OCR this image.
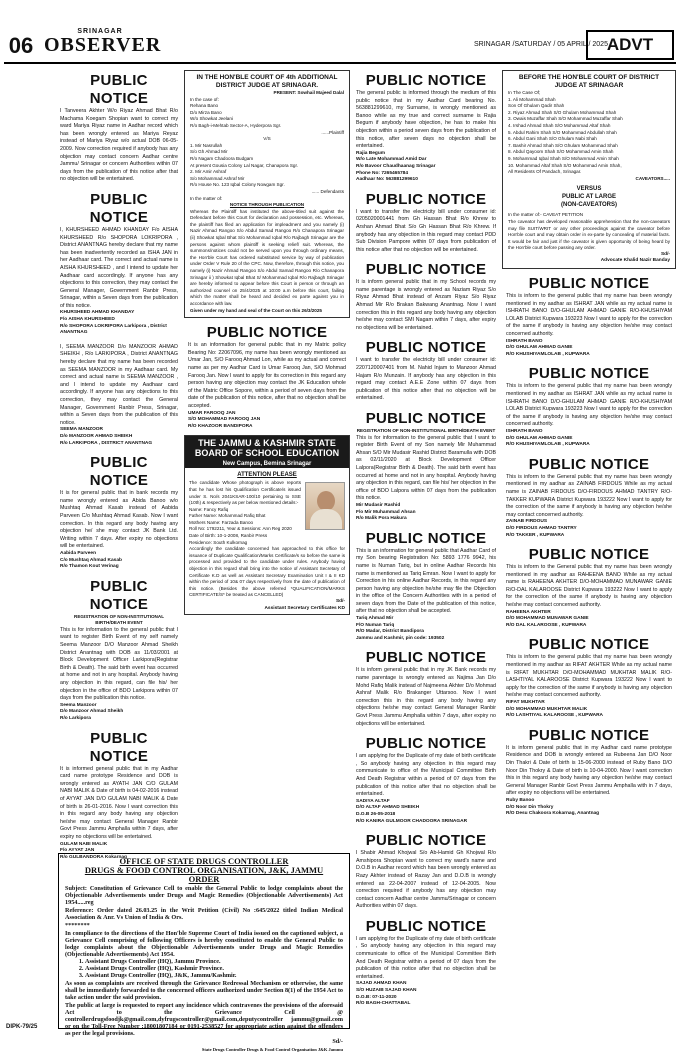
06
SRINAGAR
OBSERVER	SRINAGAR /SATURDAY / 05 APRIL / 2025
ADVT
PUBLIC NOTICE
I Tanveera Akhter W/o Riyaz Ahmad Bhat R/o Machama Koegam Shopian want to correct my ward Mariya Riyaz name in Aadhar record which has been wrongly entered as Mariya Reyaz instead of Mariya Riyaz w/o actual DOB 06-05-2009. Now correction required if anybody has any objection may contact concern Aadhar centre Jammu/ Srinagar or concern Authorities within 07 days from the publication of this notice after that no objection will be entertained.
PUBLIC NOTICE
I, KHURSHEED AHMAD KHANDAY F/o AISHA KHURSHEED R/o SHOPORA LOKRIPORA , District ANANTNAG hereby declare that my name has been inadvertently recorded as ISHA JAN in her Aadhaar card. The correct and actual name is AISHA KHURSHEED , and I intend to update her Aadhaar card accordingly. If anyone has any objections to this correction, they may contact the General Manager, Government Ranbir Press, Srinagar, within a Seven days from the publication of this notice.
KHURSHEED AHMAD KHANDAY
F/o AISHA KHURSHEED
R/o SHOPORA LOKRIPORA Larkipora , District ANANTNAG
I, SEEMA MANZOOR D/o MANZOOR AHMAD SHEIKH , R/o LARKIPORA , District ANANTNAG hereby declare that my name has been recorded as SEEMA MANZOOR in my Aadhaar card. My correct and actual name is SEEMA MANZOOR , and I intend to update my Aadhaar card accordingly. If anyone has any objections to this correction, they may contact the General Manager, Government Ranbir Press, Srinagar, within a Seven days from the publication of this notice.
SEEMA MANZOOR
D/o MANZOOR AHMAD SHEIKH
R/o LARKIPORA , DISTRICT ANANTNAG
PUBLIC NOTICE
It is for general public that in bank records my name wrongly entered as Abida Banoo w/o Mushtaq Ahmad Kasab instead of Aabida Parveen C/o Mushtaq Ahmad Kasab. Now I want correction. In this regard any body having any objection he/ she may contact JK Bank Ltd. Writing within 7 days. After expiry no objections will be entertained.
Aabida Parveen
C/o Mushtaq Ahmad Kasab
R/o Thamon Kout Verinag
PUBLIC NOTICE
REGISTRATION OF NON-INSTITUTIONAL BIRTH/DEATH EVENT
This is for information to the general public that I want to register Birth Event of my self namely Seema Manzoor D/O Manzoor Ahmad Sheikh District Anantnag with DOB as 11/03/2001 at Block Development Officer Larkipora(Registrar Birth & Death). The said birth event has occurred at home and not in any hospital. Anybody having any objection in this regard, can file his/ her objection in the office of BDO Larkipora within 07 days from the publication this notice.
Seema Manzoor
D/o Manzoor Ahmad Sheikh
R/o Larkipora
PUBLIC NOTICE
It is informed general public that in my Aadhar card name prototype Residence and DOB is wrongly entered as AYATH JAN C/O GULAM NABI MALIK & Date of birth is 04-02-2016 instead of AYYAT JAN D/O GULAM NABI MALIK & Date of birth is 26-01-2016. Now I want correction this in this regard any body having any objection he/she may contact General Manager Ranbir Govt Press Jammu Amphalla within 7 days, after expiry no objections will be entertained.
GULAM NABI MALIK
F/o AYYAT JAN
R/o GULBANDORA Kokarnag
IN THE HON'BLE COURT OF 4th ADDITIONAL DISTRICT JUDGE AT SRINAGAR.
PRESENT: Sowhail Majeed Dalal
In the case of:
Rehana Bano
D/o Mirza Bano
W/o Showkat Jeelani
R/o Bagh-i-Mehtab Sector-A, Hyderpora Sgr.
......Plaintiff
V/S
1. Mir Nasrullah
S/o Gh Ahmad Mir
R/o Nagam Chadoora Budgam
At present Gousia Colony Lal Nagar, Chanapora Sgr.
2. Mir Amir Ashraf
S/o Mohammad Ashraf Mir
R/o House No. 123 Iqbal Colony Nowgam Sgr.
...... Defendants
In the matter of:
NOTICE THROUGH PUBLICATION
Whereas the Plaintiff has instituted the above-titled suit against the Defendant before this Court for declaration and possession, etc. Whereas, the plaintiff has filed an application for impleadment and you namely (i) Nazir Ahmad Rangoo S/o Abdul Samad Rangoo R/o Chanapora Srinagar (ii) Showkat Iqbal Bhat S/o Mohammad Iqbal R/o Rajbagh Srinagar are the persons against whom plaintiff is seeking relief/ suit. Whereas, the summons/notices could not be served upon you through ordinary means, the Hon'ble Court has ordered substituted service by way of publication under Order V Rule 20 of the CPC. Now, therefore, through this notice, you namely (i) Nazir Ahmad Rangoo S/o Abdul Samad Rangoo R/o Chanapora Srinagar ii ) Showkat Iqbal Bhat S/ Mohammad Iqbal R/o Rajbagh Srinagar are hereby informed to appear before this Court in person or through an authorized counsel on 25/4/2025 at 10:00 a.m before this court, failing which the matter shall be heard and decided ex parte against you in accordance with law.
Given under my hand and seal of the Court on this 26/3/2025
PUBLIC NOTICE
It is an information for general public that in my Matric policy Bearing No: 22067096, my name has been wrongly mentioned as Umar Jan, S/O Farooq Ahmad Lon, while as my actual and correct name as per my Aadhar Card is Umar Farooq Jan, S/O Mohmad Farooq Jan. Now I want to apply for its correction in this regard any person having any objection may contact the JK Education whole of the Matric Office Sopore, within a period of seven days from the date of the publication of this notice, after that no objection shall be accepted.
UMAR FAROOQ JAN
S/O MOHAMMAD FAROOQ JAN
R/O KHAZOOR BANDIPORA
THE JAMMU & KASHMIR STATE BOARD OF SCHOOL EDUCATION
New Campus, Bemina Srinagar
ATTENTION PLEASE
The candidate Whose photograph is above reports that he has lost his Qualification Certificate/s issued under S. No/s 2041KSAR-100/10 pertaining to SSE (10th) & respectively as per below mentioned details:-
Name: Fancy Rafiq
Father Name: Mohammad Rafiq Bhat
Mothers Name: Farzada Banoo
Roll No: 1792211, Year & Sessions: Ann Reg 2020
Date of Birth: 10-1-2008, Ranbir Press
Residence: South Kulkornag
Accordingly the candidate concerned has approached to this office for issuance of Duplicate Qualification/Marks Certificate/s so before the same is processed and provided to the candidate under rules. Anybody having objection in this regard shall bring into the notice of Assistant Secretary of Certificate K.D as well as Assistant Secretary Examination Unit I & II KD within the period of 10& 07 days respectively from the date of publication of this notice. (Besides the above referred *QUALIFICATION/MARKS CERTIFICATE/S* be treated as CANCELLED)
Sd/-
Assistant Secretary Certificates KD
PUBLIC NOTICE
The general public is informed through the medium of this public notice that in my Aadhar Card bearing No. 563881299610, my Surname, is wrongly mentioned as Banoo while as my true and correct surname is Rajia Begum if anybody have objection, he has to make his objection within a period seven days from the publication of this notice, after seven days no objection shall be entertained.
Rajia Begum
W/o Late Mohammad Amid Dar
R/o Bavoor Chaudhaanag Srinagar
Phone No: 7265465784
Aadhaar No: 563881299610
PUBLIC NOTICE
I want to transfer the electricity bill under consumer id: 0205020001441 from Gh Hassan Bhat R/o Khrew to Arshan Ahmad Bhat S/o Gh Hassan Bhat R/o Khrew. If anybody has any objection in this regard may contact PDD Sub Division Pampore within 07 days from publication of this notice after that no objection will be entertained.
PUBLIC NOTICE
It is inform general public that in my School records my name parentage is wrongly entered as Naziam Riyaz S/o Riyaz Ahmad Bhat instead of Anzam Riyaz S/o Riyaz Ahmad Mir R/o Brakan Bakwang Anantnag. Now I want correction this in this regard any body having any objection he/she may contact SMI Nagam within 7 days, after expiry no objections will be entertained.
PUBLIC NOTICE
I want to transfer the electricity bill under consumer id: 2207120007401 from M. Nahid Injam to Manzoor Ahmad Hajam R/o Munzain. If anybody has any objection in this regard may contact A.E.E Zone within 07 days from publication of this notice after that no objection will be entertained.
PUBLIC NOTICE
REGISTRATION OF NON-INSTITUTIONAL BIRTH/DEATH EVENT
This is for information to the general public that I want to register Birth Event of my Son namely Mir Muhammad Ahsan S/O Mir Mudasir Rashid District Baramulla with DOB as 02/11/2020 at Block Development Officer Lalpora(Registrar Birth & Death). The said birth event has occurred at home and not in any hospital. Anybody having any objection in this regard, can file his/ her objection in the office of BDO Lalpora within 07 days from the publication this notice.
Mir Mudasir Rashid
F/o Mir Muhammad Ahsan
R/o Malik Pora Hakura
PUBLIC NOTICE
This is an information for general public that Aadhar Card of my Son bearing Registration No: 5893 1776 9942, his name is Numan Tariq, but in online Aadhar Records his name is mentioned as Tariq Emran. Now I want to apply for Correction in his online Aadhar Records, in this regard any person having any objection he/she may file the Objection in the office of the Concern Authorities with in a period of seven days from the Date of the publication of this notice, after that no objection shall be accepted.
Tariq Ahmad Mir
F/O Numan Tariq
R/O Madar, District Bandipora
Jammu and Kashmir, pin code: 193502
PUBLIC NOTICE
It is inform general public that in my JK Bank records my name parentage is wrongly entered as Najima Jan D/o Mohd Rafiq Malik instead of Najmeena Akhter D/o Mohmad Ashraf Malik R/o Brakanger Uttarsoo. Now I want correction this in this regard any body having any objections he/she may contact General Manager Ranbir Govt Press Jammu Amphalla within 7 days, after expiry no objections will be entertained.
PUBLIC NOTICE
I am applying for the Duplicate of my date of birth certificate , So anybody having any objection in this regard may communicate to office of the Municipal Committee Birth And Death Registrar within a period of 07 days from the publication of this notice after that no objection shall be entertained.
SADIYA ALTAF
D/O ALTAF AHMAD SHEIKH
D.O.B 26-05-2018
R/O KANIRA GULMOOR CHADOORA SRINAGAR
PUBLIC NOTICE
I Shabir Ahmad Khojwal S/o Ab-Hamid Gh Khojwal R/o Amshipora Shopian want to correct my ward's name and D.O.B in Aadhar record which has been wrongly entered as Razy Akhter instead of Razay Jan and D.O.B is wrongly entered as 22-04-2007 instead of 12-04-2005. Now correction required if anybody has any objection may contact concern Aadhar centre Jammu/Srinagar or concern Authorities within 07 days.
PUBLIC NOTICE
I am applying for the Duplicate of my date of birth certificate , So anybody having any objection in this regard may communicate to office of the Municipal Committee Birth And Death Registrar within a period of 07 days from the publication of this notice after that no objection shall be entertained.
SAJAD AHMAD KHAN
S/O HUZAIB SAJAD KHAN
D.O.B: 07-11-2020
R/O BAGH-CHATTABAL
BEFORE THE HON'BLE COURT OF DISTRICT JUDGE AT SRINAGAR
In The Case Of;
1. Ali Mohammad Shah
Son Of Ghulam Qadir Shah
2. Riyaz Ahmad Shah S/O Ghulam Mohammad Shah
3. Owais Muzaffar Shah S/O Mohammad Muzaffar Shah
4. Irshad Ahmad Shah S/O Mohammad Altaf Shah
5. Abdul Rahim Shah S/O Mohammad Abdullah Shah
6. Abdul Gani Shah S/O Ghulam Nabi Shah
7. Bashir Ahmad Shah S/O Ghulam Mohammad Shah
8. Abdul Qayoom Shah S/O Mohammad Amin Shah
9. Mohammad Iqbal Shah S/O Mohammad Amin Shah
10. Mohammad Altaf Shah S/O Mohammad Amin Shah,
All Residents Of Pandach, Srinagar.
CAVEATORS.....
VERSUS
PUBLIC AT LARGE
(NON-CAVEATORS)
In the matter of:- CAVEAT PETITION
The caveator has developed reasonable apprehension that the non-caveators may file SUIT/WRIT or any other proceedings against the caveator before Hon'ble court and may obtain order in ex-parte by concealing of material facts. It would be fair and just if the caveator is given opportunity of being heard by the Hon'ble court before passing any order.
Sd/-
Advocate Khalid Nazir Banday
PUBLIC NOTICE
This is inform to the general public that my name has been wrongly mentioned in my aadhar as ISHRAT JAN while as my actual name is ISHRATH BANO D/O-GHULAM AHMAD GANIE R/O-KHUSHIYAM LOLAB District Kupwara 193223 Now I want to apply for the correction of the same if anybody is having any objection he/she may contact concerned authority.
ISHRATH BANO
D/O GHULAM AHMAD GANIE
R/O KHUSHIYAMLOLAB , KUPWARA
PUBLIC NOTICE
This is inform to the general public that my name has been wrongly mentioned in my aadhar as ISHRAT JAN while as my actual name is ISHRATH BANO D/O-GHULAM AHMAD GANIE R/O-KHUSHIYAM LOLAB District Kupwara 193223 Now I want to apply for the correction of the same if anybody is having any objection he/she may contact concerned authority.
ISHRATH BANO
D/O GHULAM AHMAD GANIE
R/O KHUSHIYAMLOLAB , KUPWARA
PUBLIC NOTICE
This is inform to the General public that my name has been wrongly mentioned in my aadhar as ZAINAB FIRDOUS While as my actual name is ZAINAB FIRDOUS D/O-FIRDOUS AHMAD TANTRY R/O-TAKKER KUPWARA District Kupwara 193222 Now I want to apply for the correction of the same if anybody is having any objection he/she may contact concerned authority.
ZAINAB FIRDOUS
D/O FIRDOUS AHMAD TANTRY
R/O TAKKER , KUPWARA
PUBLIC NOTICE
This is inform to the General public that my name has been wrongly mentioned in my aadhar as RAHEENA BANO While as my actual name is RAHEENA AKHTER D/O-MOHAMMAD MUNAWAR GANIE R/O-DAL KALAROOSE District Kupwara 193222 Now I want to apply for the correction of the same if anybody is having any objection he/she may contact concerned authority.
RAHEENA AKHTER
D/O MOHAMMAD MUNAWAR GANIE
R/O DAL KALAROOSE , KUPWARA
PUBLIC NOTICE
This is inform to the general public that my name has been wrongly mentioned in my aadhar as RIFAT AKHTER While as my actual name is RIFAT MUKHTAR D/O-MOHAMMAD MUKHTAR MALIK R/O-LASHTIYAL KALAROOSE District Kupwara 193222 Now I want to apply for the correction of the same if anybody is having any objection he/she may contact concerned authority.
RIFAT MUKHTAR
D/O MOHAMMAD MUKHTAR MALIK
R/O LASHTIYAL KALAROOSE , KUPWARA
PUBLIC NOTICE
It is inform general public that in my Aadhar card name prototype Residence and DOB is wrongly entered as Rubeena Jan D/O Noor Din Thakri & Date of birth is 15-06-2000 instead of Ruby Bano D/O Noor Din Thokry & Date of birth is 10-04-2000. Now I want correction this in this regard any body having any objection he/she may contact General Manager Ranbir Govt Press Jammu Amphalla with in 7 days, after expiry no objections will be entertained.
Ruby Banoo
D/O Noor Din Thokry
R/O Desu Chakoora Kokarnag, Anantnag
OFFICE OF STATE DRUGS CONTROLLER
DRUGS & FOOD CONTROL ORGANISATION, J&K, JAMMU
ORDER
Subject: Constitution of Grievance Cell to enable the General Public to lodge complaints about the Objectionable Advertisements under Drugs and Magic Remedies (Objectionable Advertisements) Act 1954.....reg
Reference: Order dated 26.03.25 in the Writ Petition (Civil) No :645/2022 titled Indian Medical Association & Anr. Vs Union of India & Ors.
********
In compliance to the directions of the Hon'ble Supreme Court of India issued on the captioned subject, a Grievance Cell comprising of following Officers is hereby constituted to enable the General Public to lodge complaints about the Objectionable Advertisements under Drugs and Magic Remedies (Objectionable Advertisements) Act 1954.
1. Assistant Drugs Controller (HQ), Jammu Province.
2. Assistant Drugs Controller (HQ), Kashmir Province.
3. Assistant Drugs Controller (HQ), J&K, Jammu/Kashmir.
As soon as complaints are received through the Grievance Redressal Mechanism or otherwise, the same shall be immediately forwarded to the concerned officers authorized under Section 8(1) of the 1954 Act to take action under the said provision.
The public at large is requested to report any incidence which contravenes the provisions of the aforesaid Act to the Grievance Cell @ controllerdrugsfoodjk@gmail.com,dyfrugscontroller@gmail.com,deputycontroller jammu@gmail.com or on the Toll-Free Number :18001807184 or 0191-2538527 for appropriate action against the offenders as per the legal provisions.
Sd/-
State Drugs Controller Drugs & Food Control Organisation J&K Jammu
DIPK-79/25
